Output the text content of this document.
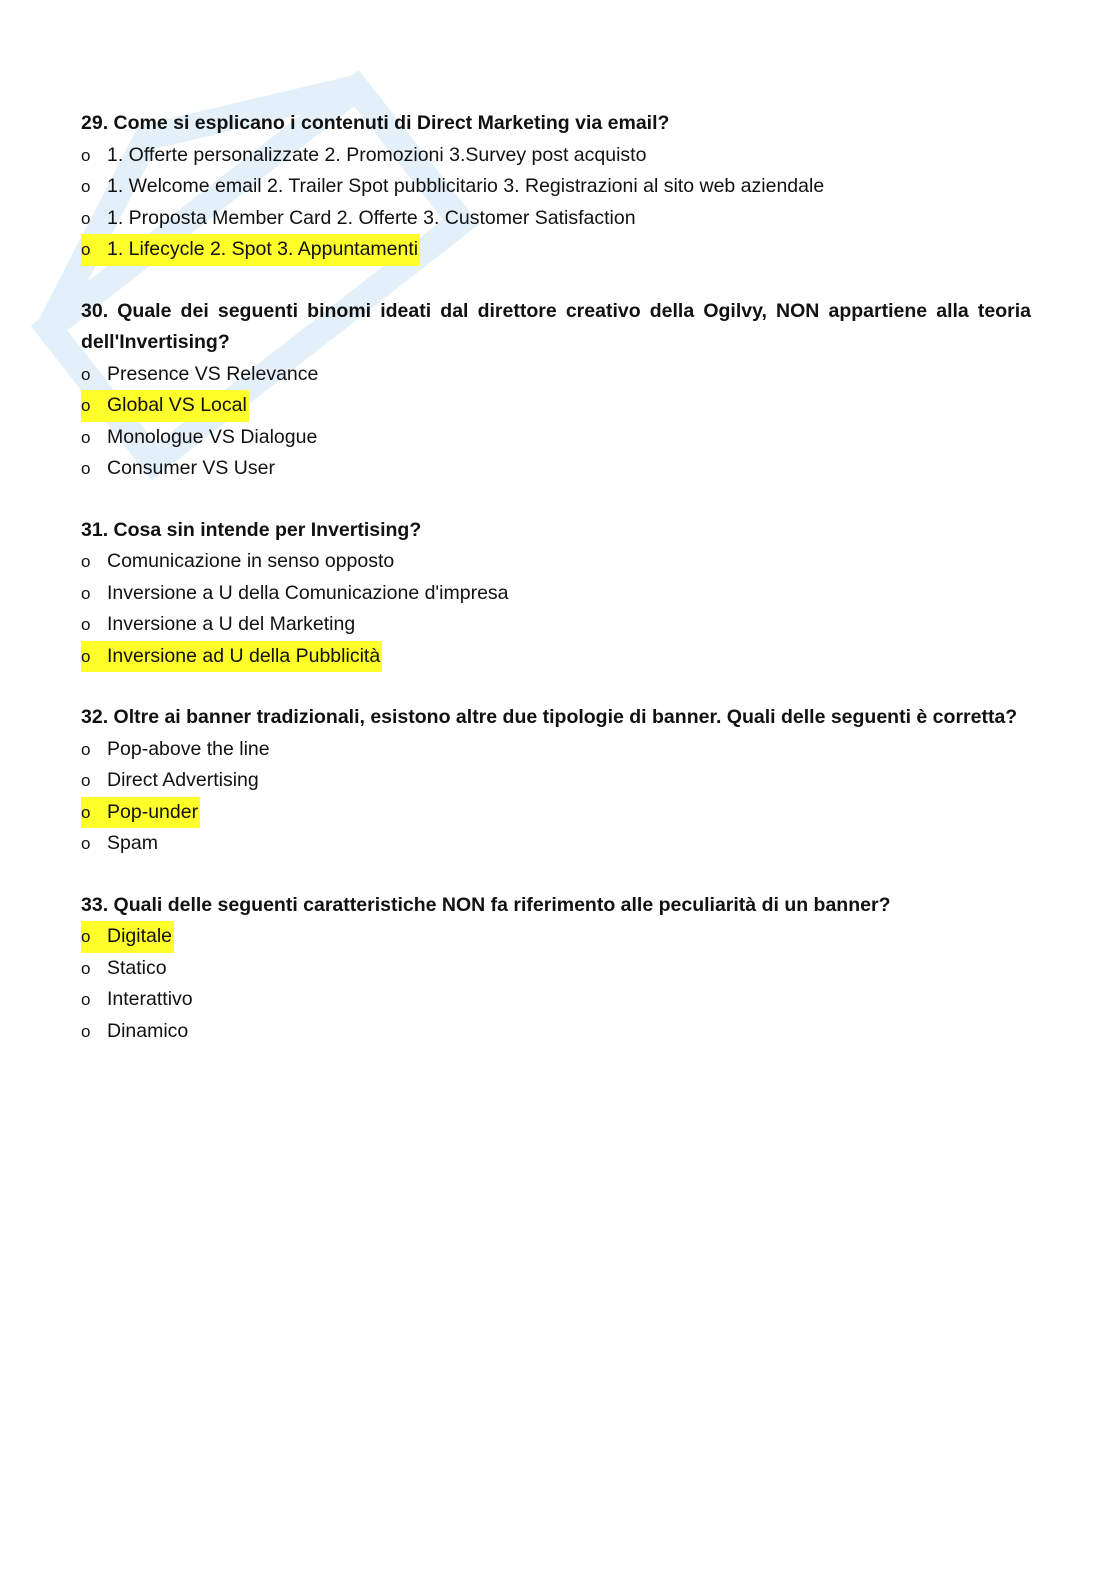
29. Come si esplicano i contenuti di Direct Marketing via email?

o 1. Offerte personalizzate 2. Promozioni 3.Survey post acquisto
o 1. Welcome email 2. Trailer Spot pubblicitario 3. Registrazioni al sito web aziendale
o 1. Proposta Member Card 2. Offerte 3. Customer Satisfaction
o 1. Lifecycle 2. Spot 3. Appuntamenti

30. Quale dei seguenti binomi ideati dal direttore creativo della Ogilvy, NON appartiene alla teoria dell'Invertising?

o Presence VS Relevance
o Global VS Local
o Monologue VS Dialogue
o Consumer VS User

31. Cosa sin intende per Invertising?

o Comunicazione in senso opposto
o Inversione a U della Comunicazione d'impresa
o Inversione a U del Marketing
o Inversione ad U della Pubblicità

32. Oltre ai banner tradizionali, esistono altre due tipologie di banner. Quali delle seguenti è corretta?

o Pop-above the line
o Direct Advertising
o Pop-under
o Spam

33. Quali delle seguenti caratteristiche NON fa riferimento alle peculiarità di un banner?

o Digitale
o Statico
o Interattivo
o Dinamico
